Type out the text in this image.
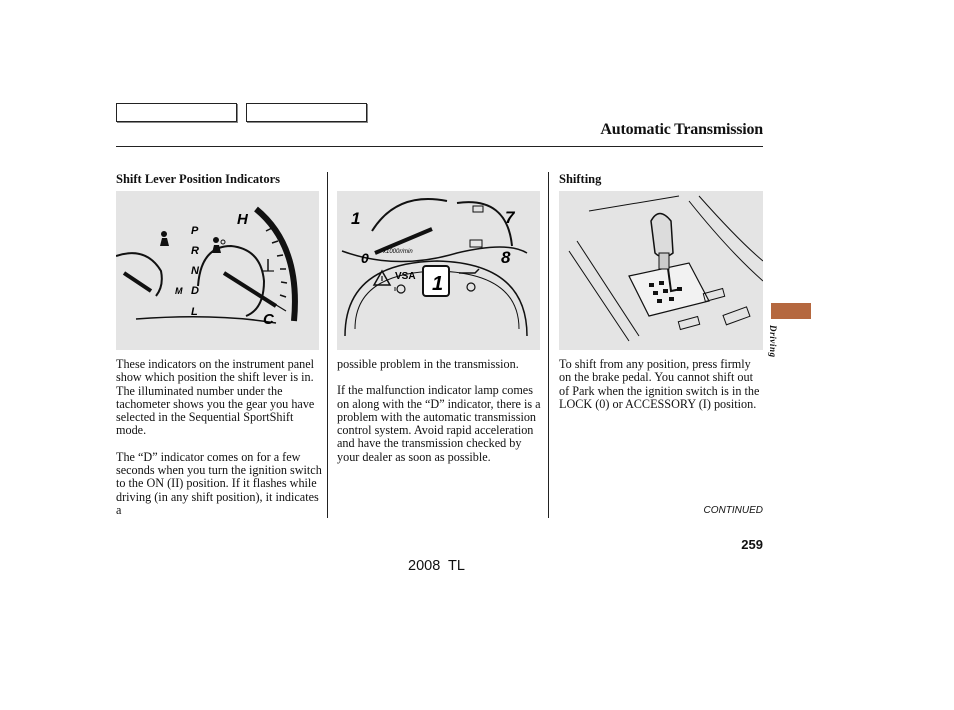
Automatic Transmission
Shift Lever Position Indicators
P
R
N
D
L
M
H
C

These indicators on the instrument panel show which position the shift lever is in. The illuminated number under the tachometer shows you the gear you have selected in the Sequential SportShift mode.

The “D” indicator comes on for a few seconds when you turn the ignition switch to the ON (II) position. If it flashes while driving (in any shift position), it indicates a

1	7
8
0 x1000r/min
VSA 1

possible problem in the transmission.

If the malfunction indicator lamp comes on along with the “D” indicator, there is a problem with the automatic transmission control system. Avoid rapid acceleration and have the transmission checked by your dealer as soon as possible.

Shifting

To shift from any position, press firmly on the brake pedal. You cannot shift out of Park when the ignition switch is in the LOCK (0) or ACCESSORY (I) position.

Driving
CONTINUED
259
2008  TL
